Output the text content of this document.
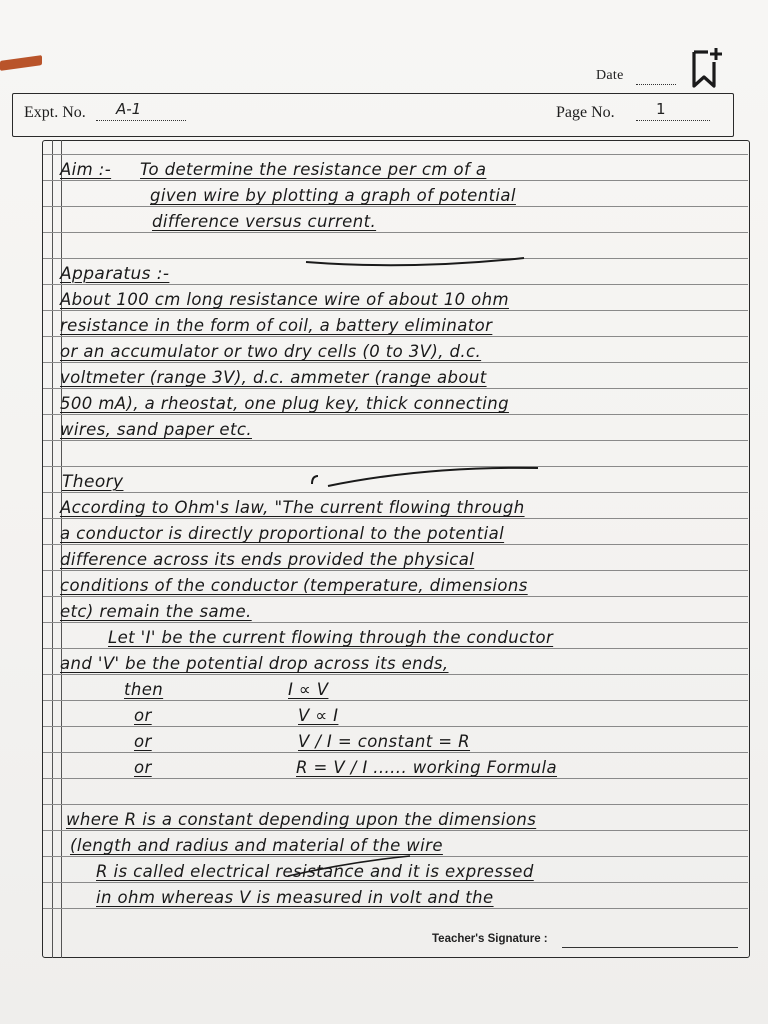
Date
Expt. No. A-1	Page No.	1
Aim :- To determine the resistance per cm of a
given wire by plotting a graph of potential
difference versus current.
Apparatus :-
About 100 cm long resistance wire of about 10 ohm
resistance in the form of coil, a battery eliminator
or an accumulator or two dry cells (0 to 3V), d.c.
voltmeter (range 3V), d.c. ammeter (range about
500 mA), a rheostat, one plug key, thick connecting
wires, sand paper etc.
Theory
According to Ohm's law, "The current flowing through
a conductor is directly proportional to the potential
difference across its ends provided the physical
conditions of the conductor (temperature, dimensions
etc) remain the same.
Let 'I' be the current flowing through the conductor
and 'V' be the potential drop across its ends,
then	I ∝ V
or	V ∝ I
or	V / I = constant = R
or	R = V / I ...... working Formula
where R is a constant depending upon the dimensions
(length and radius and material of the wire
R is called electrical resistance and it is expressed
in ohm whereas V is measured in volt and the
Teacher's Signature :
